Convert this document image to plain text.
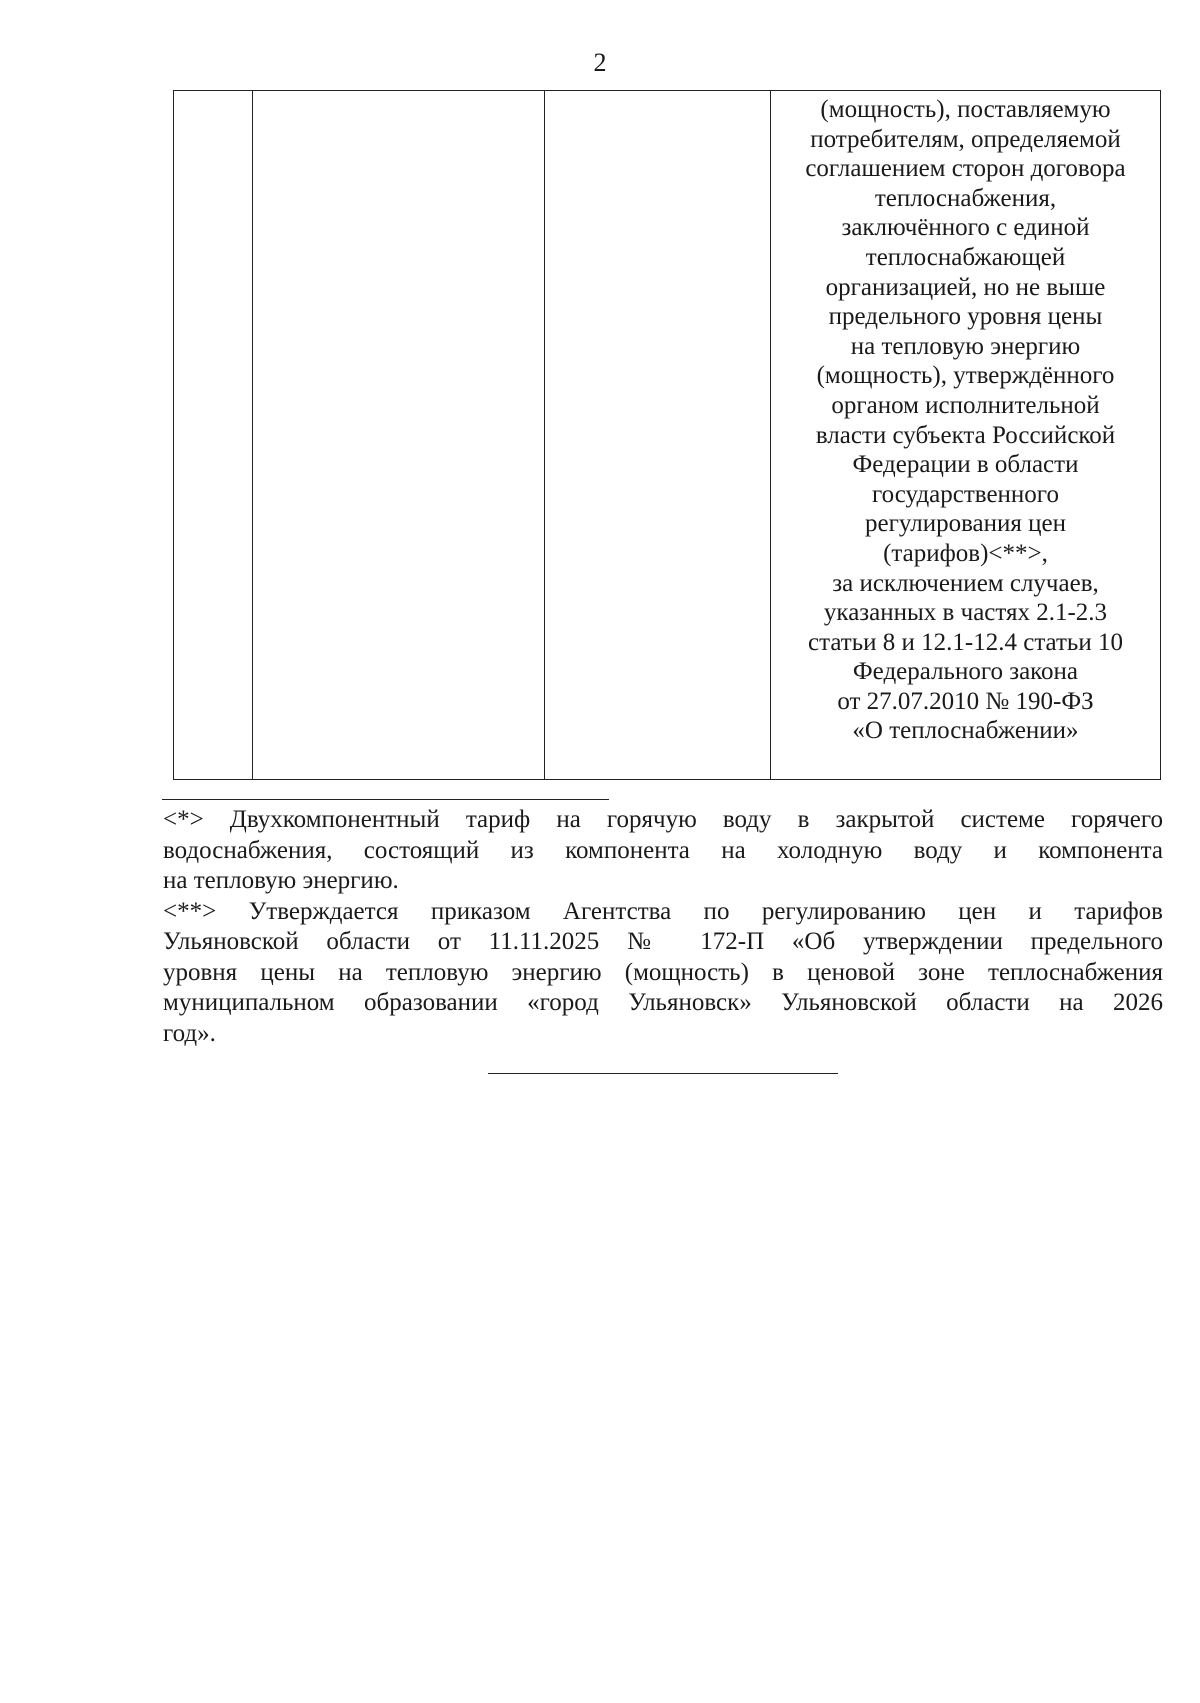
2
(мощность), поставляемую
потребителям, определяемой
соглашением сторон договора
теплоснабжения,
заключённого с единой
теплоснабжающей
организацией, но не выше
предельного уровня цены
на тепловую энергию
(мощность), утверждённого
органом исполнительной
власти субъекта Российской
Федерации в области
государственного
регулирования цен
(тарифов)<**>,
за исключением случаев,
указанных в частях 2.1-2.3
статьи 8 и 12.1-12.4 статьи 10
Федерального закона
от 27.07.2010 № 190-ФЗ
«О теплоснабжении»
<*> Двухкомпонентный тариф на горячую воду в закрытой системе горячего
водоснабжения, состоящий из компонента на холодную воду и компонента
на тепловую энергию.
<**> Утверждается приказом Агентства по регулированию цен и тарифов
Ульяновской области от 11.11.2025 № 172-П «Об утверждении предельного
уровня цены на тепловую энергию (мощность) в ценовой зоне теплоснабжения
муниципальном образовании «город Ульяновск» Ульяновской области на 2026
год».
